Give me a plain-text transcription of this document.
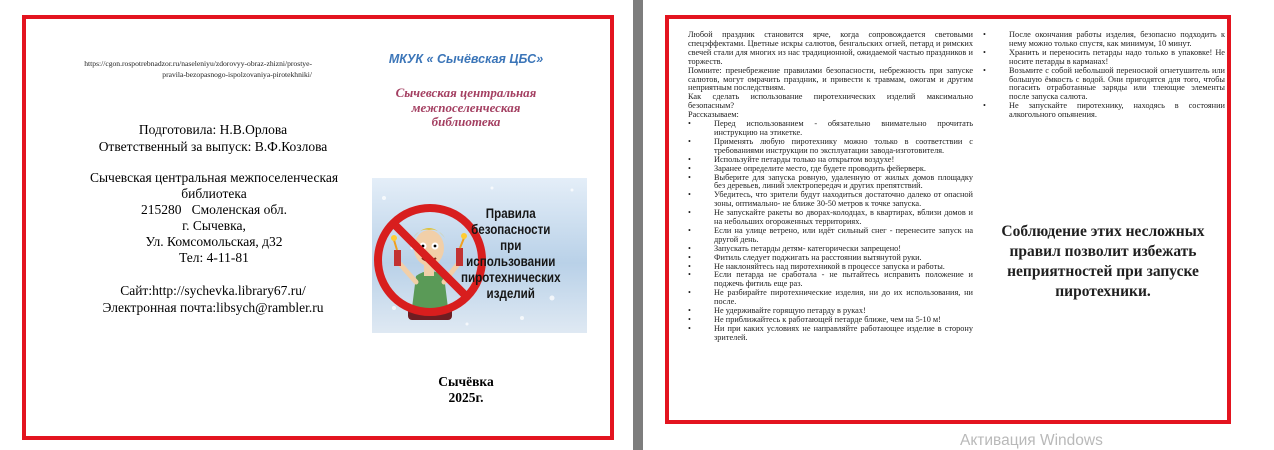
https://cgon.rospotrebnadzor.ru/naseleniyu/zdorovyy-obraz-zhizni/prostye-pravila-bezopasnogo-ispolzovaniya-pirotekhniki/
МКУК « Сычёвская ЦБС»
Сычевская центральная
межпоселенческая
библиотека
Подготовила: Н.В.Орлова
Ответственный за выпуск: В.Ф.Козлова
Сычевская центральная межпоселенческая
библиотека
215280   Смоленская обл.
г. Сычевка,
Ул. Комсомольская, д32
Тел: 4-11-81
Сайт:http://sychevka.library67.ru/
Электронная почта:libsych@rambler.ru
Правила безопасности
при использовании
пиротехнических
изделий
Сычёвка
2025г.

Любой праздник становится ярче, когда сопровождается световыми спецэффектами. Цветные искры салютов, бенгальских огней, петард и римских свечей стали для многих из нас традиционной, ожидаемой частью праздников и торжеств.

Помните: пренебрежение правилами безопасности, небрежность при запуске салютов, могут омрачить праздник, и привести к травмам, ожогам и другим неприятным последствиям.

Как сделать использование пиротехнических изделий максимально безопасным?

Рассказываем:

•	Перед использованием - обязательно внимательно прочитать инструкцию на этикетке.
•	Применять любую пиротехнику можно только в соответствии с требованиями инструкции по эксплуатации завода-изготовителя.
•	Используйте петарды только на открытом воздухе!
•	Заранее определите место, где будете проводить фейерверк.
•	Выберите для запуска ровную, удаленную от жилых домов площадку без деревьев, линий электропередач и других препятствий.
•	Убедитесь, что зрители будут находиться достаточно далеко от опасной зоны, оптимально- не ближе 30-50 метров к точке запуска.
•	Не запускайте ракеты во дворах-колодцах, в квартирах, вблизи домов и на небольших огороженных территориях.
•	Если на улице ветрено, или идёт сильный снег - перенесите запуск на другой день.
•	Запускать петарды детям- категорически запрещено!
•	Фитиль следует поджигать на расстоянии вытянутой руки.
•	Не наклоняйтесь над пиротехникой в процессе запуска и работы.
•	Если петарда не сработала - не пытайтесь исправить положение и поджечь фитиль еще раз.
•	Не разбирайте пиротехнические изделия, ни до их использования, ни после.
•	Не удерживайте горящую петарду в руках!
•	Не приближайтесь к работающей петарде ближе, чем на 5-10 м!
•	Ни при каких условиях не направляйте работающее изделие в сторону зрителей.
•	После окончания работы изделия, безопасно подходить к нему можно только спустя, как минимум, 10 минут.
•	Хранить и переносить петарды надо только в упаковке! Не носите петарды в карманах!
•	Возьмите с собой небольшой переносной огнетушитель или большую ёмкость с водой. Они пригодятся для того, чтобы погасить отработанные заряды или тлеющие элементы после запуска салюта.
•	Не запускайте пиротехнику, находясь в состоянии алкогольного опьянения.
Соблюдение этих несложных правил позволит избежать неприятностей при запуске пиротехники.
Активация Windows
